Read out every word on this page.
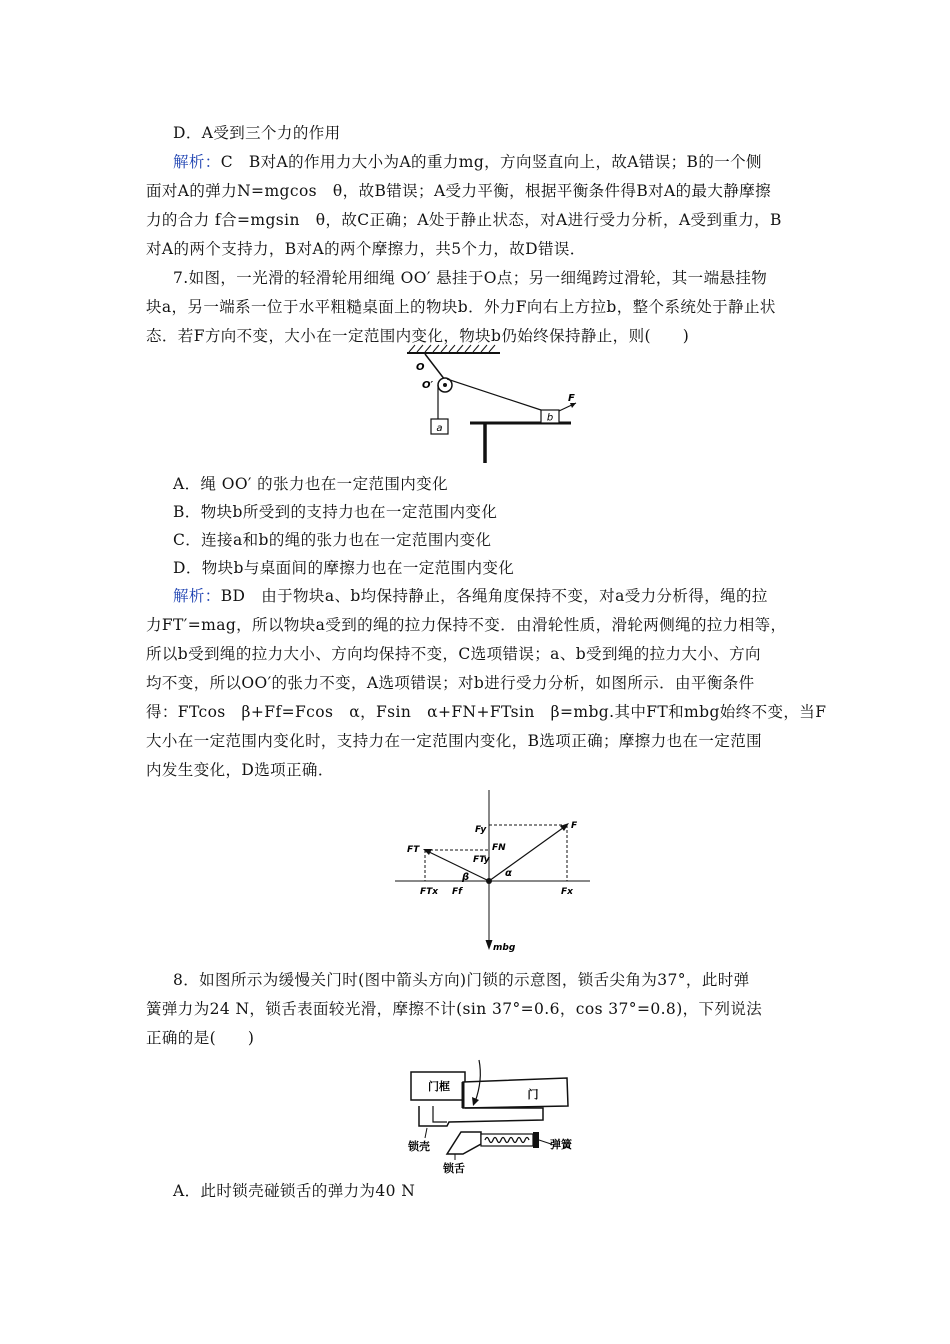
D．A受到三个力的作用
解析：C　B对A的作用力大小为A的重力mg，方向竖直向上，故A错误；B的一个侧
面对A的弹力N=mgcos　θ，故B错误；A受力平衡，根据平衡条件得B对A的最大静摩擦
力的合力 f合=mgsin　θ，故C正确；A处于静止状态，对A进行受力分析，A受到重力，B
对A的两个支持力，B对A的两个摩擦力，共5个力，故D错误．
7.如图，一光滑的轻滑轮用细绳 OO′ 悬挂于O点；另一细绳跨过滑轮，其一端悬挂物
块a，另一端系一位于水平粗糙桌面上的物块b．外力F向右上方拉b，整个系统处于静止状
态．若F方向不变，大小在一定范围内变化，物块b仍始终保持静止，则(　　)
a
b
F
O
O′
A．绳 OO′ 的张力也在一定范围内变化
B．物块b所受到的支持力也在一定范围内变化
C．连接a和b的绳的张力也在一定范围内变化
D．物块b与桌面间的摩擦力也在一定范围内变化
解析：BD　由于物块a、b均保持静止，各绳角度保持不变，对a受力分析得，绳的拉
力FT′=mag，所以物块a受到的绳的拉力保持不变．由滑轮性质，滑轮两侧绳的拉力相等，
所以b受到绳的拉力大小、方向均保持不变，C选项错误；a、b受到绳的拉力大小、方向
均不变，所以OO′的张力不变，A选项错误；对b进行受力分析，如图所示．由平衡条件
得：FTcos　β+Ff=Fcos　α，Fsin　α+FN+FTsin　β=mbg.其中FT和mbg始终不变，当F
大小在一定范围内变化时，支持力在一定范围内变化，B选项正确；摩擦力也在一定范围
内发生变化，D选项正确．
Fy	F
FN
FT
FTy
β	α
FTx Ff	Fx
mbg
8．如图所示为缓慢关门时(图中箭头方向)门锁的示意图，锁舌尖角为37°，此时弹
簧弹力为24 N，锁舌表面较光滑，摩擦不计(sin 37°=0.6，cos 37°=0.8)，下列说法
正确的是(　　)
门框
门
弹簧
锁壳
锁舌
A．此时锁壳碰锁舌的弹力为40 N
